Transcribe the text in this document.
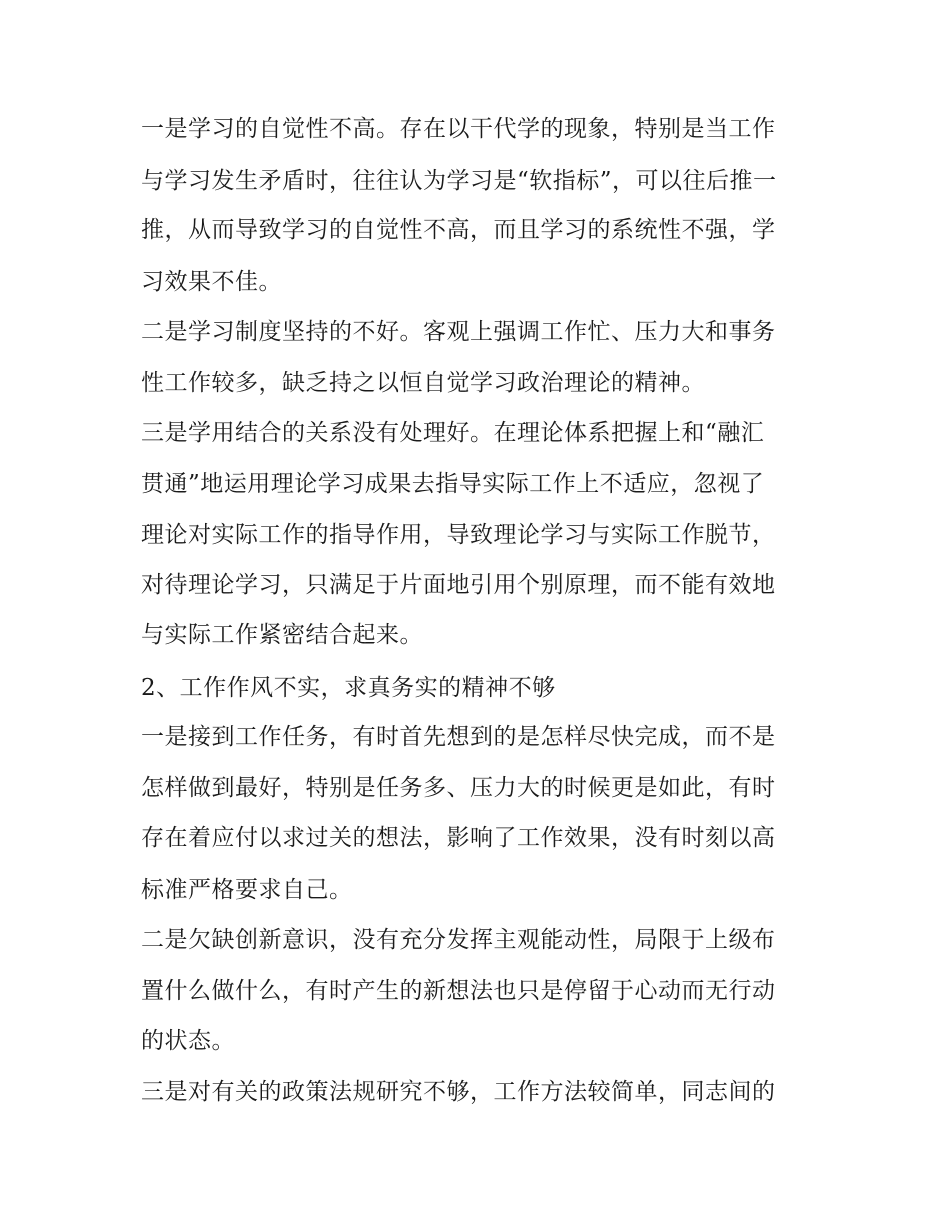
一是学习的自觉性不高。存在以干代学的现象，特别是当工作
与学习发生矛盾时，往往认为学习是“软指标”，可以往后推一
推，从而导致学习的自觉性不高，而且学习的系统性不强，学
习效果不佳。
二是学习制度坚持的不好。客观上强调工作忙、压力大和事务
性工作较多，缺乏持之以恒自觉学习政治理论的精神。
三是学用结合的关系没有处理好。在理论体系把握上和“融汇
贯通”地运用理论学习成果去指导实际工作上不适应，忽视了
理论对实际工作的指导作用，导致理论学习与实际工作脱节，
对待理论学习，只满足于片面地引用个别原理，而不能有效地
与实际工作紧密结合起来。
2、工作作风不实，求真务实的精神不够
一是接到工作任务，有时首先想到的是怎样尽快完成，而不是
怎样做到最好，特别是任务多、压力大的时候更是如此，有时
存在着应付以求过关的想法，影响了工作效果，没有时刻以高
标准严格要求自己。
二是欠缺创新意识，没有充分发挥主观能动性，局限于上级布
置什么做什么，有时产生的新想法也只是停留于心动而无行动
的状态。
三是对有关的政策法规研究不够，工作方法较简单，同志间的
